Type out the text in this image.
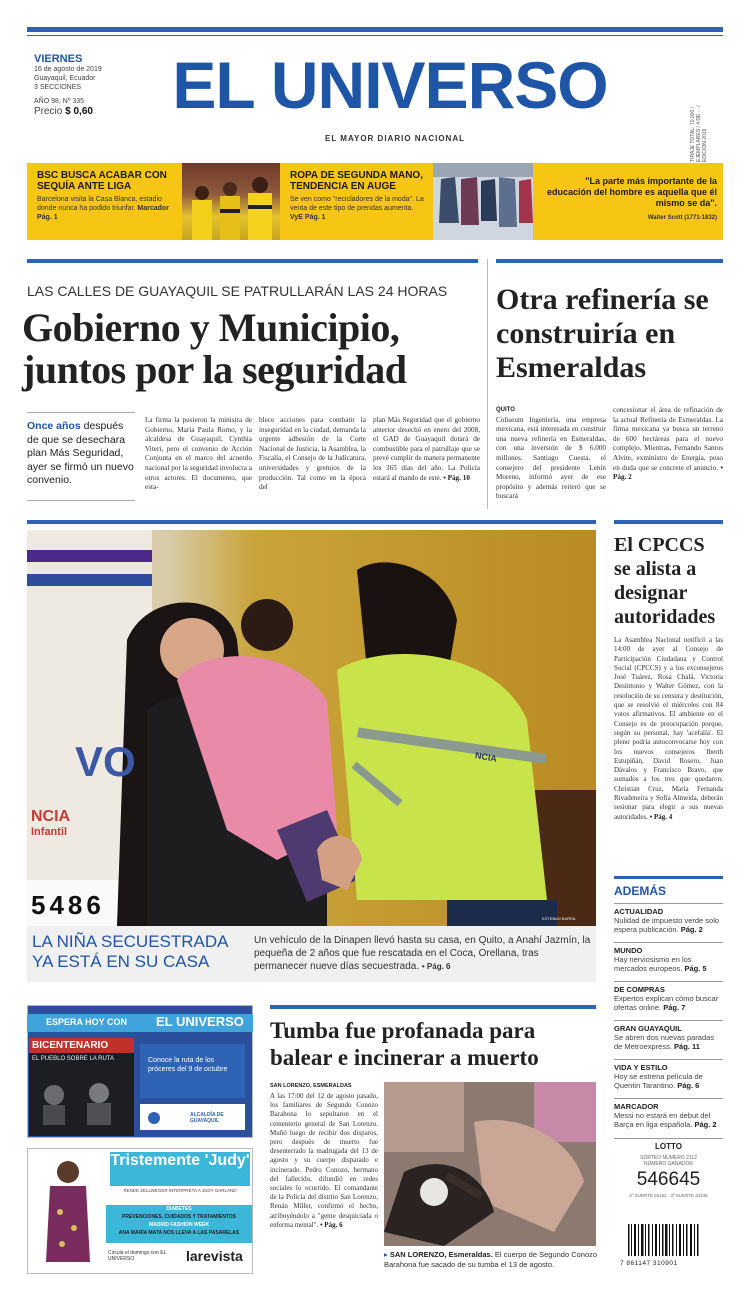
VIERNES
16 de agosto de 2019
Guayaquil, Ecuador
3 SECCIONES
AÑO 98, Nº 335
Precio $ 0,60	EL UNIVERSO
EL MAYOR DIARIO NACIONAL	TIRAJE TOTAL: 70.000 / EJEMPLARES / 4 DE ... / EDICIÓN 2019
BSC BUSCA ACABAR CON SEQUÍA ANTE LIGA
Barcelona visita la Casa Blanca, estadio donde nunca ha podido triunfar. Marcador Pág. 1
ROPA DE SEGUNDA MANO, TENDENCIA EN AUGE
Se ven como "recicladores de la moda". La venta de este tipo de prendas aumenta. VyE Pág. 1
"La parte más importante de la educación del hombre es aquella que él mismo se da".
Walter Scott (1771-1832)
LAS CALLES DE GUAYAQUIL SE PATRULLARÁN LAS 24 HORAS
Gobierno y Municipio, juntos por la seguridad
Once años después de que se desechara plan Más Seguridad, ayer se firmó un nuevo convenio.
La firma la pusieron la ministra de Gobierno, María Paula Romo, y la alcaldesa de Guayaquil, Cynthia Viteri, pero el convenio de Acción Conjunta en el marco del acuerdo nacional por la seguridad involucra a otros actores. El documento, que esta-
blece acciones para combatir la inseguridad en la ciudad, demanda la urgente adhesión de la Corte Nacional de Justicia, la Asamblea, la Fiscalía, el Consejo de la Judicatura, universidades y gremios de la producción. Tal como en la época del
plan Más Seguridad que el gobierno anterior desechó en enero del 2008, el GAD de Guayaquil dotará de combustible para el patrullaje que se prevé cumplir de manera permanente los 365 días del año. La Policía estará al mando de este. • Pág. 10
Otra refinería se construiría en Esmeraldas
QUITO
Coliseum Ingeniería, una empresa mexicana, está interesada en construir una nueva refinería en Esmeraldas, con una inversión de $ 6.000 millones. Santiago Cuesta, el consejero del presidente Lenín Moreno, informó ayer de ese propósito y además reiteró que se buscará
concesionar el área de refinación de la actual Refinería de Esmeraldas. La firma mexicana ya busca un terreno de 600 hectáreas para el nuevo complejo. Mientras, Fernando Santos Alvite, exministro de Energía, puso en duda que se concrete el anuncio. • Pág. 2
VO
NCIA
Infantil
5486
NCIA
ESTEBAN BARRA
LA NIÑA SECUESTRADA YA ESTÁ EN SU CASA
Un vehículo de la Dinapen llevó hasta su casa, en Quito, a Anahí Jazmín, la pequeña de 2 años que fue rescatada en el Coca, Orellana, tras permanecer nueve días secuestrada. • Pág. 6
El CPCCS se alista a designar autoridades
La Asamblea Nacional notificó a las 14:00 de ayer al Consejo de Participación Ciudadana y Control Social (CPCCS) y a los exconsejeros José Tuárez, Rosa Chalá, Victoria Desintonio y Walter Gómez, con la resolución de su censura y destitución, que se resolvió el miércoles con 84 votos afirmativos. El ambiente en el Consejo es de preocupación porque, según su personal, hay 'acefalía'. El pleno podría autoconvocarse hoy con los nuevos consejeros Iberth Estupiñán, David Rosero, Juan Dávalos y Francisco Bravo, que sumados a los tres que quedaron: Christian Cruz, María Fernanda Rivadeneira y Sofía Almeida, deberán sesionar para elegir a sus nuevas autoridades. • Pág. 4
ADEMÁS
ACTUALIDAD
Nulidad de impuesto verde solo espera publicación. Pág. 2
MUNDO
Hay nerviosismo en los mercados europeos. Pág. 5
DE COMPRAS
Expertos explican cómo buscar ofertas online. Pág. 7
GRAN GUAYAQUIL
Se abren dos nuevas paradas de Metroexpress. Pág. 11
VIDA Y ESTILO
Hoy se estrena película de Quentin Tarantino. Pág. 6
MARCADOR
Messi no estará en debut del Barça en liga española. Pág. 2
LOTTO
SORTEO NÚMERO 2112
NÚMERO GANADOR
546645
2º SUERTE 26162 3ª SUERTE 34236
7 861147 310901
ESPERA HOY CON EL UNIVERSO
BICENTENARIO
EL PUEBLO SOBRE LA RUTA	Conoce la ruta de los próceres del 9 de octubre
ALCALDÍA DE GUAYAQUIL
Tristemente 'Judy'
RENÉE ZELLWEGER INTERPRETA A JUDY GARLAND
DIABETES
PREVENCIONES, CUIDADOS Y TRATAMIENTOS
MADRID FASHION WEEK
ANA MARÍA MATA NOS LLEVA A LAS PASARELAS
Circula el domingo con EL UNIVERSO	larevista
Tumba fue profanada para balear e incinerar a muerto
SAN LORENZO, ESMERALDAS
A las 17:00 del 12 de agosto pasado, los familiares de Segundo Conozo Barahona lo sepultaron en el cementerio general de San Lorenzo. Muñó luego de recibir dos disparos, pero después de muerto fue desenterrado la madrugada del 13 de agosto y su cuerpo disparado e incinerado. Pedro Conozo, hermano del fallecido, difundió en redes sociales lo ocurrido. El comandante de la Policía del distrito San Lorenzo, Renán Miller, confirmó el hecho, atribuyéndolo a "gente desquiciada o enferma mental". • Pág. 6
▸ SAN LORENZO, Esmeraldas. El cuerpo de Segundo Conozo Barahona fue sacado de su tumba el 13 de agosto.
